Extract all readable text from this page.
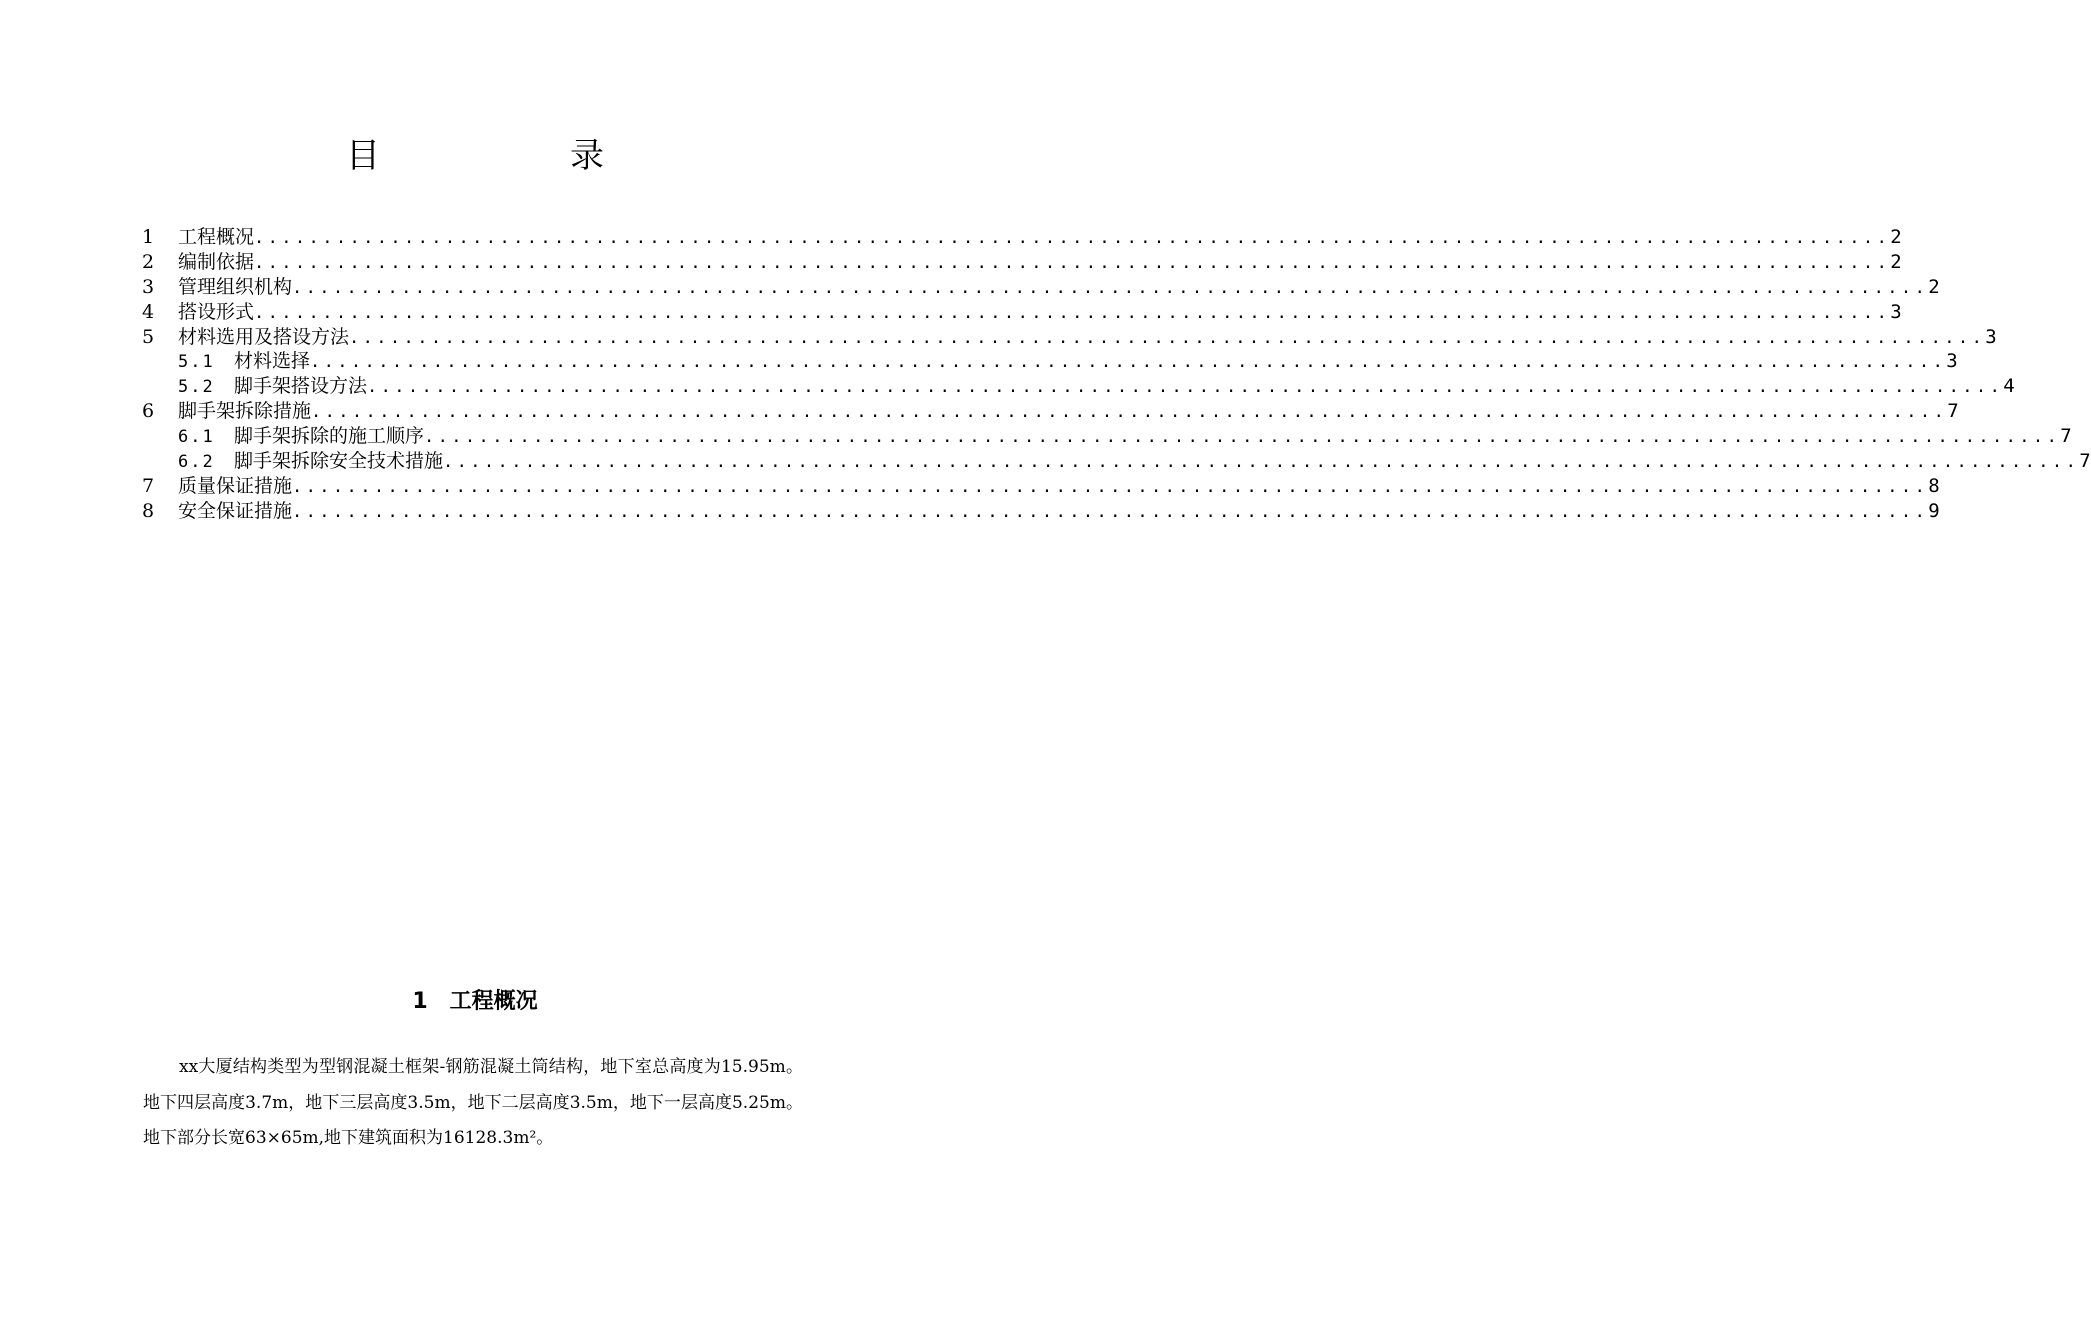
目　录
1	工程概况 ........................................................................................................................ 2
2	编制依据 ........................................................................................................................ 2
3	管理组织机构 ........................................................................................................................ 2
4	搭设形式 ........................................................................................................................ 3
5	材料选用及搭设方法 ........................................................................................................................ 3
5.1	材料选择 ........................................................................................................................ 3
5.2	脚手架搭设方法 ........................................................................................................................ 4
6	脚手架拆除措施 ........................................................................................................................ 7
6.1	脚手架拆除的施工顺序 ........................................................................................................................ 7
6.2	脚手架拆除安全技术措施 ........................................................................................................................ 7
7	质量保证措施 ........................................................................................................................ 8
8	安全保证措施 ........................................................................................................................ 9
1 工程概况
xx大厦结构类型为型钢混凝土框架-钢筋混凝土筒结构，地下室总高度为15.95m。地下四层高度3.7m，地下三层高度3.5m，地下二层高度3.5m，地下一层高度5.25m。地下部分长宽63×65m,地下建筑面积为16128.3m²。
